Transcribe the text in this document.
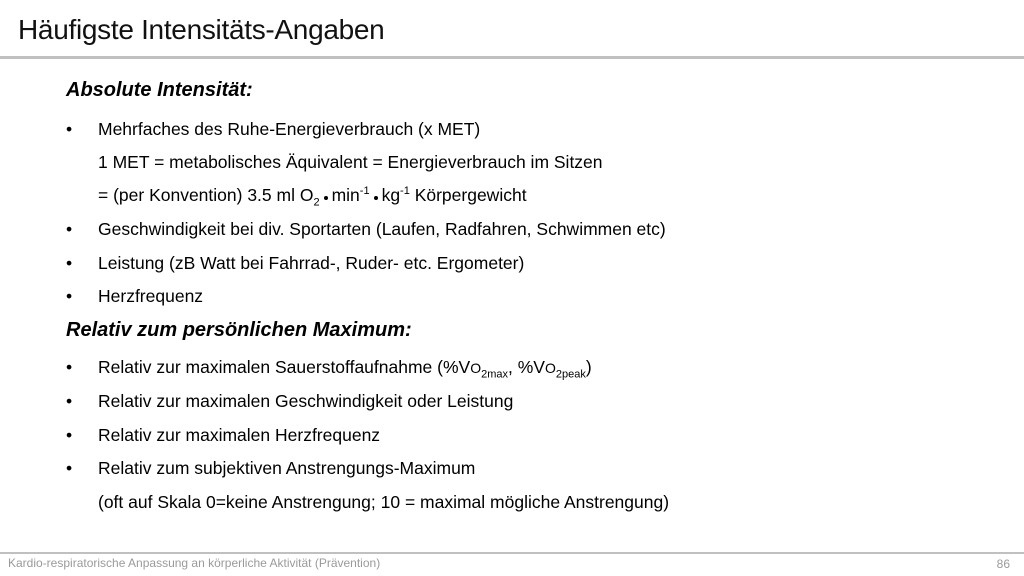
Häufigste Intensitäts-Angaben
Absolute Intensität:
• Mehrfaches des Ruhe-Energieverbrauch (x MET)
1 MET = metabolisches Äquivalent = Energieverbrauch im Sitzen
= (per Konvention) 3.5 ml $O_2$ $\min^{-1} kg^{-1}$ Körpergewicht
• Geschwindigkeit bei div. Sportarten (Laufen, Radfahren, Schwimmen etc)
• Leistung (zB Watt bei Fahrrad-, Ruder- etc. Ergometer)
• Herzfrequenz
Relativ zum persönlichen Maximum:
• Relativ zur maximalen Sauerstoffaufnahme ($\%VO_{2max}$, $\%VO_{2peak}$)
• Relativ zur maximalen Geschwindigkeit oder Leistung
• Relativ zur maximalen Herzfrequenz
• Relativ zum subjektiven Anstrengungs-Maximum
(oft auf Skala 0=keine Anstrengung; 10 = maximal mögliche Anstrengung)
Kardio-respiratorische Anpassung an körperliche Aktivität (Prävention)	86
